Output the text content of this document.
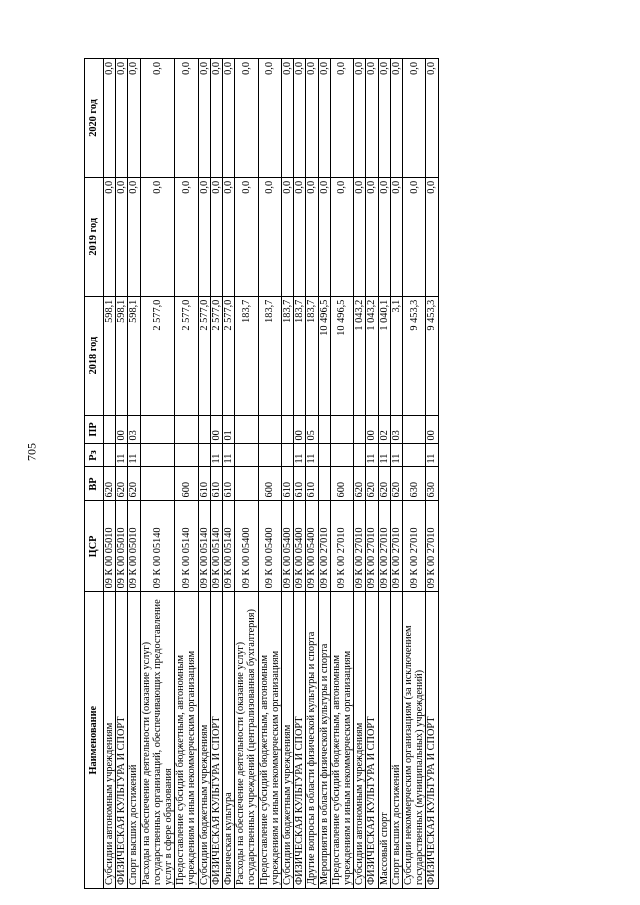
705
Наименование	ЦСР	ВР	Рз	ПР	2018 год	2019 год	2020 год
Субсидии автономным учреждениям	09 К 00 05010	620			598,1	0,0	0,0
ФИЗИЧЕСКАЯ КУЛЬТУРА И СПОРТ	09 К 00 05010	620	11	00	598,1	0,0	0,0
Спорт высших достижений	09 К 00 05010	620	11	03	598,1	0,0	0,0
Расходы на обеспечение деятельности (оказание услуг) государственных организаций, обеспечивающих предоставление услуг в сфере образования	09 К 00 05140				2 577,0	0,0	0,0
Предоставление субсидий бюджетным, автономным учреждениям и иным некоммерческим организациям	09 К 00 05140	600			2 577,0	0,0	0,0
Субсидии бюджетным учреждениям	09 К 00 05140	610			2 577,0	0,0	0,0
ФИЗИЧЕСКАЯ КУЛЬТУРА И СПОРТ	09 К 00 05140	610	11	00	2 577,0	0,0	0,0
Физическая культура	09 К 00 05140	610	11	01	2 577,0	0,0	0,0
Расходы на обеспечение деятельности (оказание услуг) государственных учреждений (централизованная бухгалтерия)	09 К 00 05400				183,7	0,0	0,0
Предоставление субсидий бюджетным, автономным учреждениям и иным некоммерческим организациям	09 К 00 05400	600			183,7	0,0	0,0
Субсидии бюджетным учреждениям	09 К 00 05400	610			183,7	0,0	0,0
ФИЗИЧЕСКАЯ КУЛЬТУРА И СПОРТ	09 К 00 05400	610	11	00	183,7	0,0	0,0
Другие вопросы в области физической культуры и спорта	09 К 00 05400	610	11	05	183,7	0,0	0,0
Мероприятия в области физической культуры и спорта	09 К 00 27010				10 496,5	0,0	0,0
Предоставление субсидий бюджетным, автономным учреждениям и иным некоммерческим организациям	09 К 00 27010	600			10 496,5	0,0	0,0
Субсидии автономным учреждениям	09 К 00 27010	620			1 043,2	0,0	0,0
ФИЗИЧЕСКАЯ КУЛЬТУРА И СПОРТ	09 К 00 27010	620	11	00	1 043,2	0,0	0,0
Массовый спорт	09 К 00 27010	620	11	02	1 040,1	0,0	0,0
Спорт высших достижений	09 К 00 27010	620	11	03	3,1	0,0	0,0
Субсидии некоммерческим организациям (за исключением государственных (муниципальных) учреждений)	09 К 00 27010	630			9 453,3	0,0	0,0
ФИЗИЧЕСКАЯ КУЛЬТУРА И СПОРТ	09 К 00 27010	630	11	00	9 453,3	0,0	0,0
